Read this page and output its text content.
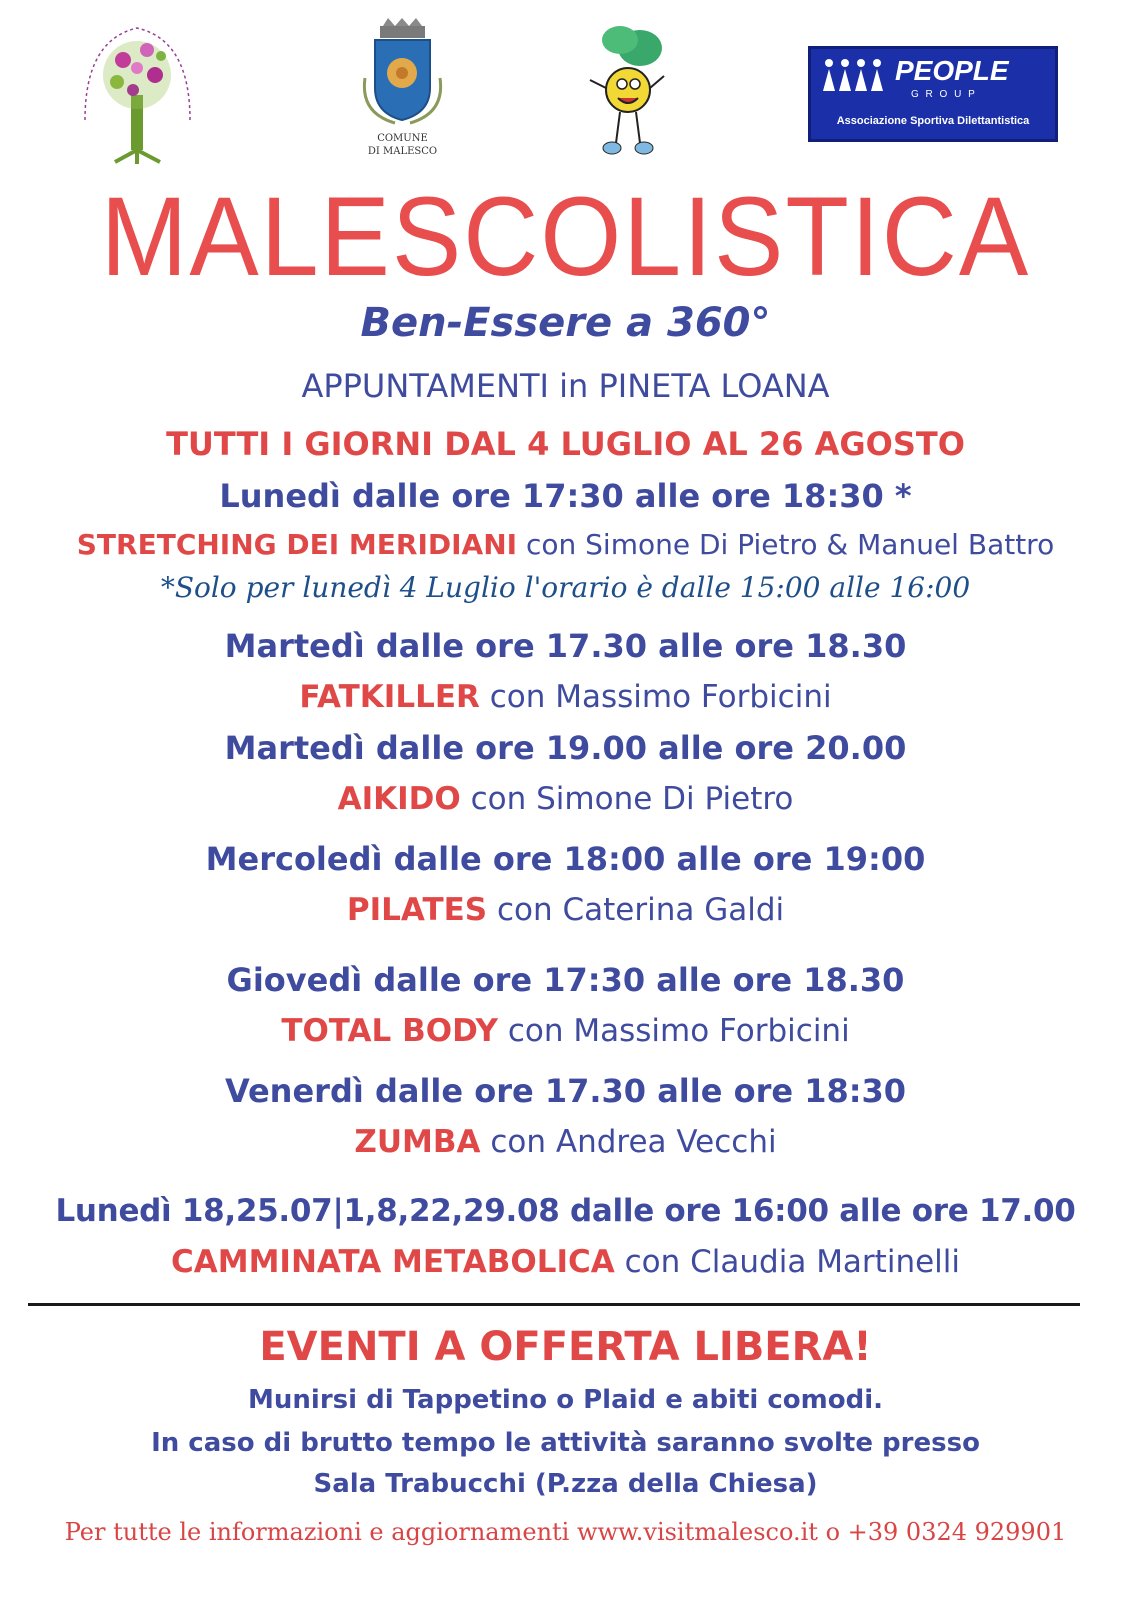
COMUNE
DI MALESCO
PEOPLE
G R O U P
Associazione Sportiva Dilettantistica
MALESCOLISTICA
Ben-Essere a 360°
APPUNTAMENTI in PINETA LOANA
TUTTI I GIORNI DAL 4 LUGLIO AL 26 AGOSTO
Lunedì dalle ore 17:30 alle ore 18:30 *
STRETCHING DEI MERIDIANI con Simone Di Pietro & Manuel Battro
*Solo per lunedì 4 Luglio l'orario è dalle 15:00 alle 16:00
Martedì dalle ore 17.30 alle ore 18.30
FATKILLER con Massimo Forbicini
Martedì dalle ore 19.00 alle ore 20.00
AIKIDO con Simone Di Pietro
Mercoledì dalle ore 18:00 alle ore 19:00
PILATES con Caterina Galdi
Giovedì dalle ore 17:30 alle ore 18.30
TOTAL BODY con Massimo Forbicini
Venerdì dalle ore 17.30 alle ore 18:30
ZUMBA con Andrea Vecchi
Lunedì 18,25.07|1,8,22,29.08 dalle ore 16:00 alle ore 17.00
CAMMINATA METABOLICA con Claudia Martinelli
EVENTI A OFFERTA LIBERA!
Munirsi di Tappetino o Plaid e abiti comodi.
In caso di brutto tempo le attività saranno svolte presso
Sala Trabucchi (P.zza della Chiesa)
Per tutte le informazioni e aggiornamenti www.visitmalesco.it o +39 0324 929901
